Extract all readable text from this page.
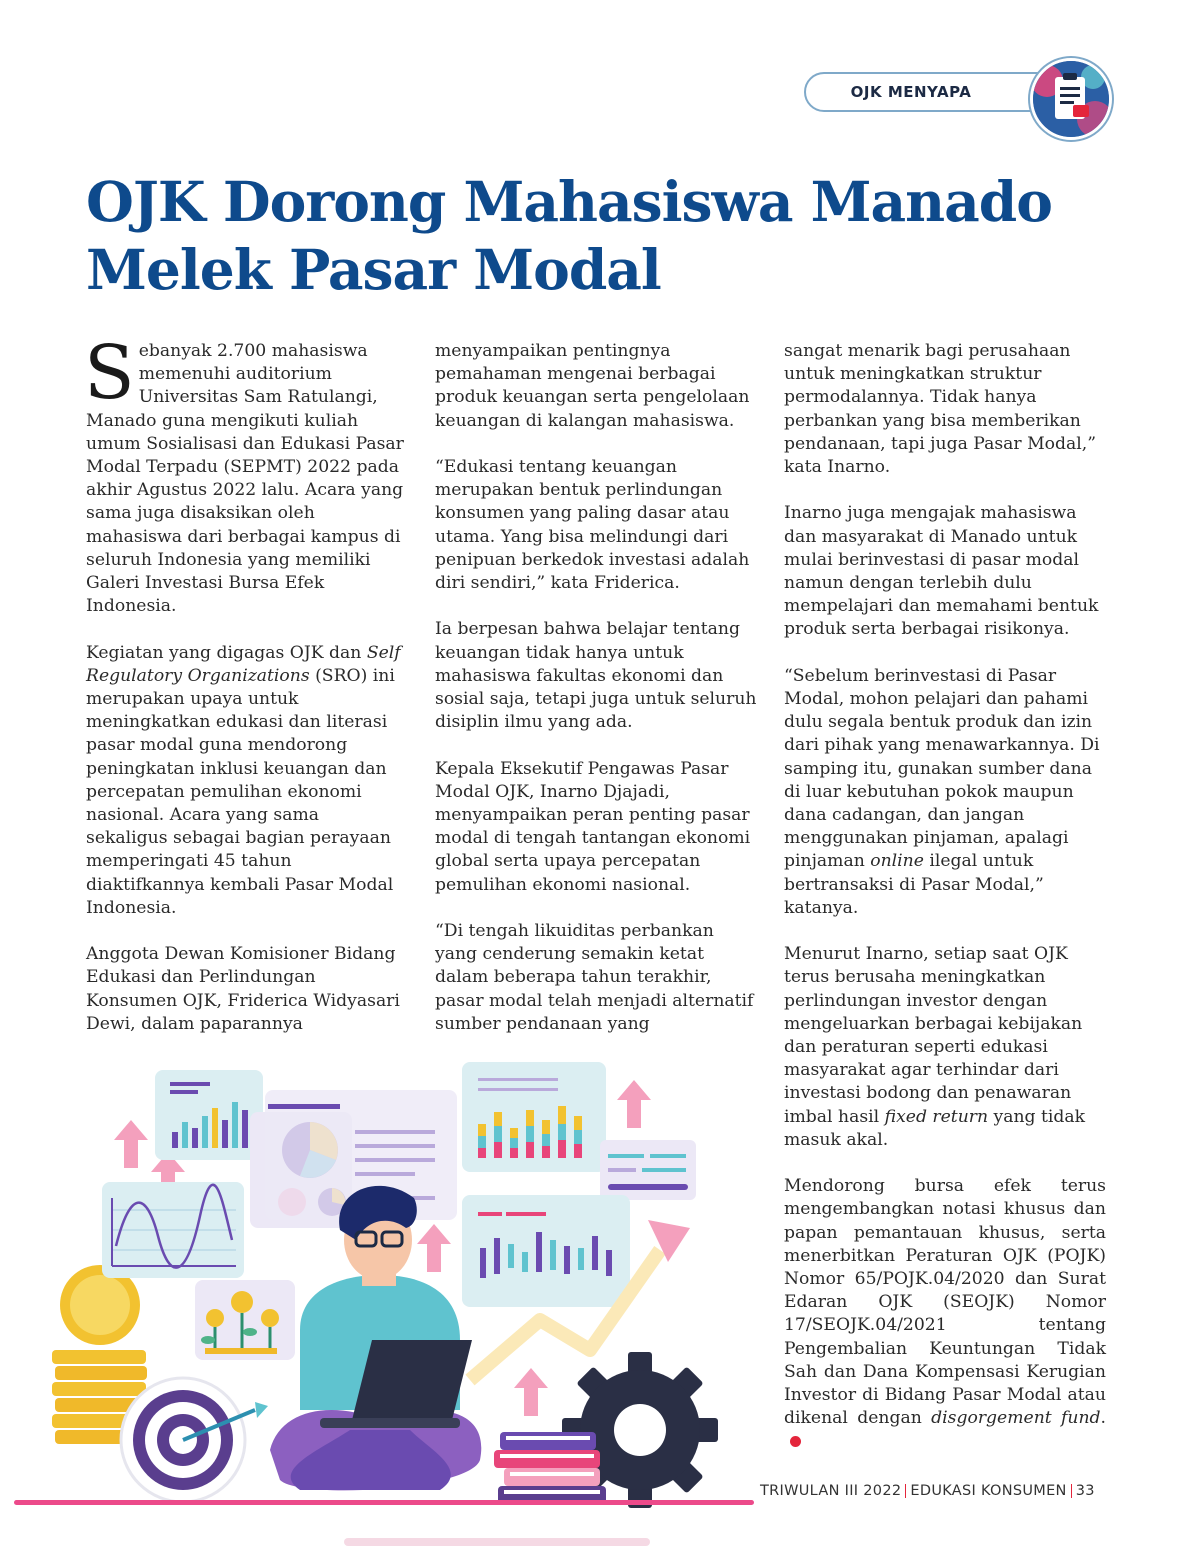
OJK MENYAPA
OJK Dorong Mahasiswa Manado
Melek Pasar Modal

Sebanyak 2.700 mahasiswa memenuhi auditorium Universitas Sam Ratulangi, Manado guna mengikuti kuliah umum Sosialisasi dan Edukasi Pasar Modal Terpadu (SEPMT) 2022 pada akhir Agustus 2022 lalu. Acara yang sama juga disaksikan oleh mahasiswa dari berbagai kampus di seluruh Indonesia yang memiliki Galeri Investasi Bursa Efek Indonesia.

Kegiatan yang digagas OJK dan Self Regulatory Organizations (SRO) ini merupakan upaya untuk meningkatkan edukasi dan literasi pasar modal guna mendorong peningkatan inklusi keuangan dan percepatan pemulihan ekonomi nasional. Acara yang sama sekaligus sebagai bagian perayaan memperingati 45 tahun diaktifkannya kembali Pasar Modal Indonesia.

Anggota Dewan Komisioner Bidang Edukasi dan Perlindungan Konsumen OJK, Friderica Widyasari Dewi, dalam paparannya

menyampaikan pentingnya pemahaman mengenai berbagai produk keuangan serta pengelolaan keuangan di kalangan mahasiswa.

“Edukasi tentang keuangan merupakan bentuk perlindungan konsumen yang paling dasar atau utama. Yang bisa melindungi dari penipuan berkedok investasi adalah diri sendiri,” kata Friderica.

Ia berpesan bahwa belajar tentang keuangan tidak hanya untuk mahasiswa fakultas ekonomi dan sosial saja, tetapi juga untuk seluruh disiplin ilmu yang ada.

Kepala Eksekutif Pengawas Pasar Modal OJK, Inarno Djajadi, menyampaikan peran penting pasar modal di tengah tantangan ekonomi global serta upaya percepatan pemulihan ekonomi nasional.

“Di tengah likuiditas perbankan yang cenderung semakin ketat dalam beberapa tahun terakhir, pasar modal telah menjadi alternatif sumber pendanaan yang

sangat menarik bagi perusahaan untuk meningkatkan struktur permodalannya. Tidak hanya perbankan yang bisa memberikan pendanaan, tapi juga Pasar Modal,” kata Inarno.

Inarno juga mengajak mahasiswa dan masyarakat di Manado untuk mulai berinvestasi di pasar modal namun dengan terlebih dulu mempelajari dan memahami bentuk produk serta berbagai risikonya.

“Sebelum berinvestasi di Pasar Modal, mohon pelajari dan pahami dulu segala bentuk produk dan izin dari pihak yang menawarkannya. Di samping itu, gunakan sumber dana di luar kebutuhan pokok maupun dana cadangan, dan jangan menggunakan pinjaman, apalagi pinjaman online ilegal untuk bertransaksi di Pasar Modal,” katanya.

Menurut Inarno, setiap saat OJK terus berusaha meningkatkan perlindungan investor dengan mengeluarkan berbagai kebijakan dan peraturan seperti edukasi masyarakat agar terhindar dari investasi bodong dan penawaran imbal hasil fixed return yang tidak masuk akal.

Mendorong bursa efek terus mengembangkan notasi khusus dan papan pemantauan khusus, serta menerbitkan Peraturan OJK (POJK) Nomor 65/POJK.04/2020 dan Surat Edaran OJK (SEOJK) Nomor 17/SEOJK.04/2021 tentang Pengembalian Keuntungan Tidak Sah dan Dana Kompensasi Kerugian Investor di Bidang Pasar Modal atau dikenal dengan disgorgement fund.

TRIWULAN III 2022 EDUKASI KONSUMEN 33
